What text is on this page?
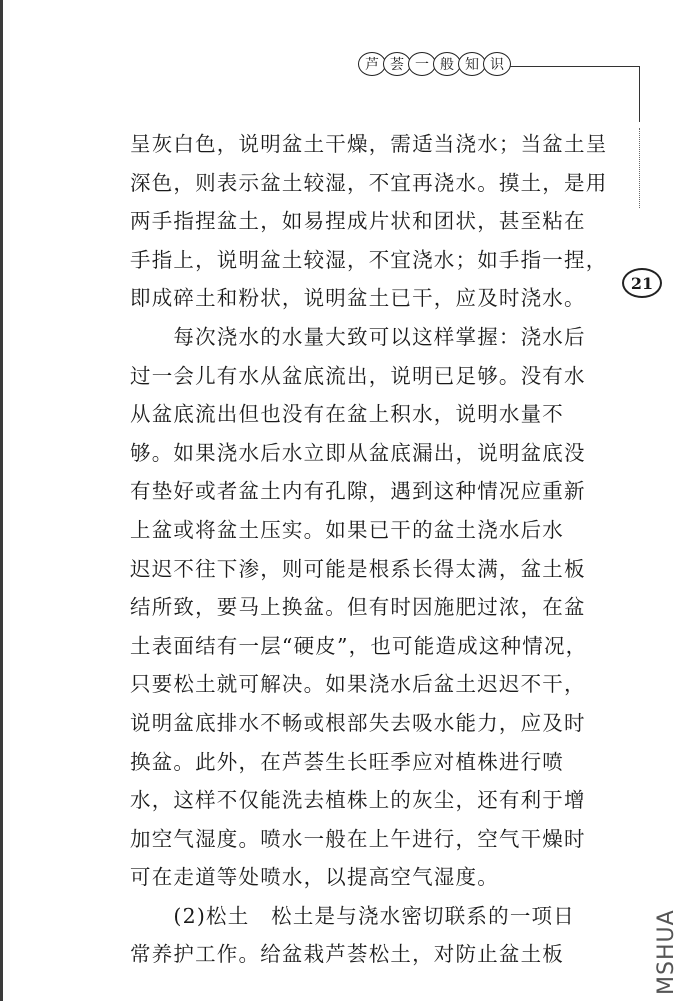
芦 荟 一 般 知 识
21
呈灰白色，说明盆土干燥，需适当浇水；当盆土呈
深色，则表示盆土较湿，不宜再浇水。摸土，是用
两手指捏盆土，如易捏成片状和团状，甚至粘在
手指上，说明盆土较湿，不宜浇水；如手指一捏，
即成碎土和粉状，说明盆土已干，应及时浇水。
　　每次浇水的水量大致可以这样掌握：浇水后
过一会儿有水从盆底流出，说明已足够。没有水
从盆底流出但也没有在盆上积水，说明水量不
够。如果浇水后水立即从盆底漏出，说明盆底没
有垫好或者盆土内有孔隙，遇到这种情况应重新
上盆或将盆土压实。如果已干的盆土浇水后水
迟迟不往下渗，则可能是根系长得太满，盆土板
结所致，要马上换盆。但有时因施肥过浓，在盆
土表面结有一层“硬皮”，也可能造成这种情况，
只要松土就可解决。如果浇水后盆土迟迟不干，
说明盆底排水不畅或根部失去吸水能力，应及时
换盆。此外，在芦荟生长旺季应对植株进行喷
水，这样不仅能洗去植株上的灰尘，还有利于增
加空气湿度。喷水一般在上午进行，空气干燥时
可在走道等处喷水，以提高空气湿度。
　　(2)松土　松土是与浇水密切联系的一项日
常养护工作。给盆栽芦荟松土，对防止盆土板	MSHUA
